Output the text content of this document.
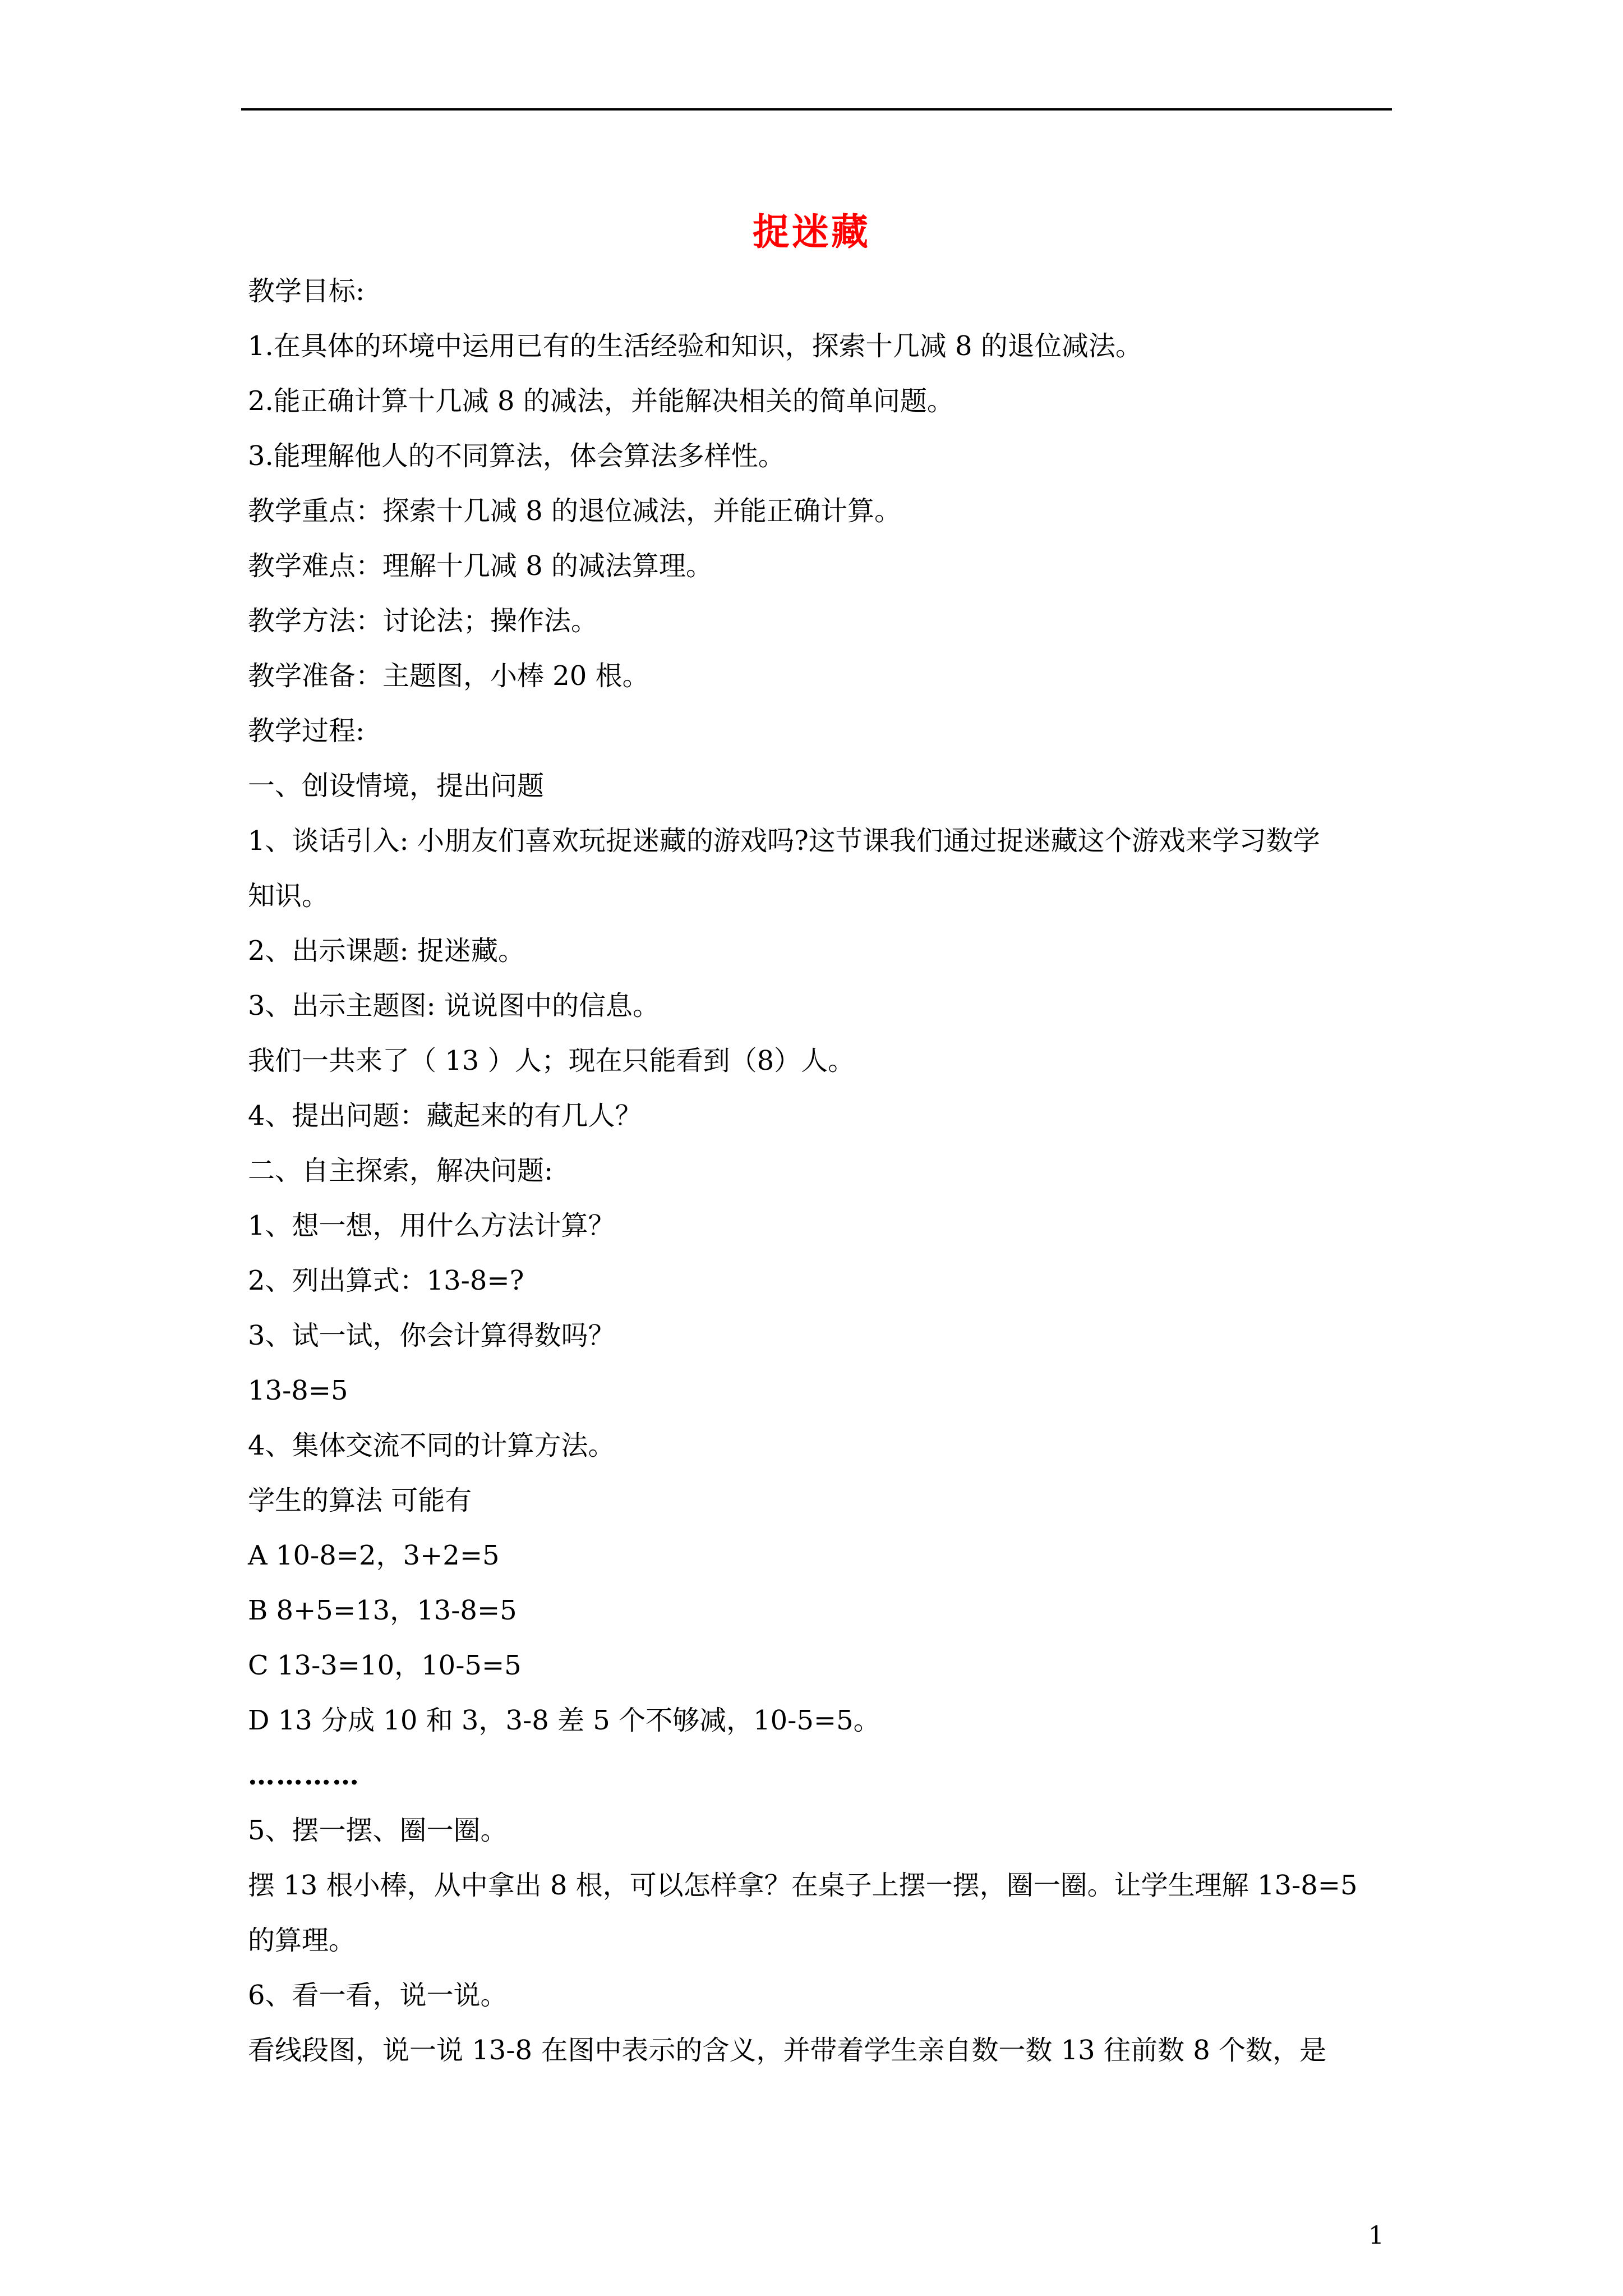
捉迷藏
教学目标:
1.在具体的环境中运用已有的生活经验和知识，探索十几减 8 的退位减法。
2.能正确计算十几减 8 的减法，并能解决相关的简单问题。
3.能理解他人的不同算法，体会算法多样性。
教学重点：探索十几减 8 的退位减法，并能正确计算。
教学难点：理解十几减 8 的减法算理。
教学方法：讨论法；操作法。
教学准备：主题图，小棒 20 根。
教学过程:
一、创设情境，提出问题
1、谈话引入: 小朋友们喜欢玩捉迷藏的游戏吗?这节课我们通过捉迷藏这个游戏来学习数学
知识。
2、出示课题: 捉迷藏。
3、出示主题图: 说说图中的信息。
我们一共来了（ 13 ）人；现在只能看到（8）人。
4、提出问题：藏起来的有几人？
二、自主探索，解决问题:
1、想一想，用什么方法计算？
2、列出算式：13-8=?
3、试一试，你会计算得数吗？
13-8=5
4、集体交流不同的计算方法。
学生的算法 可能有
A 10-8=2，3+2=5
B 8+5=13，13-8=5
C 13-3=10，10-5=5
D 13 分成 10 和 3，3-8 差 5 个不够减，10-5=5。
…………
5、摆一摆、圈一圈。
摆 13 根小棒，从中拿出 8 根，可以怎样拿？在桌子上摆一摆，圈一圈。让学生理解 13-8=5
的算理。
6、看一看，说一说。
看线段图，说一说 13-8 在图中表示的含义，并带着学生亲自数一数 13 往前数 8 个数，是
1
